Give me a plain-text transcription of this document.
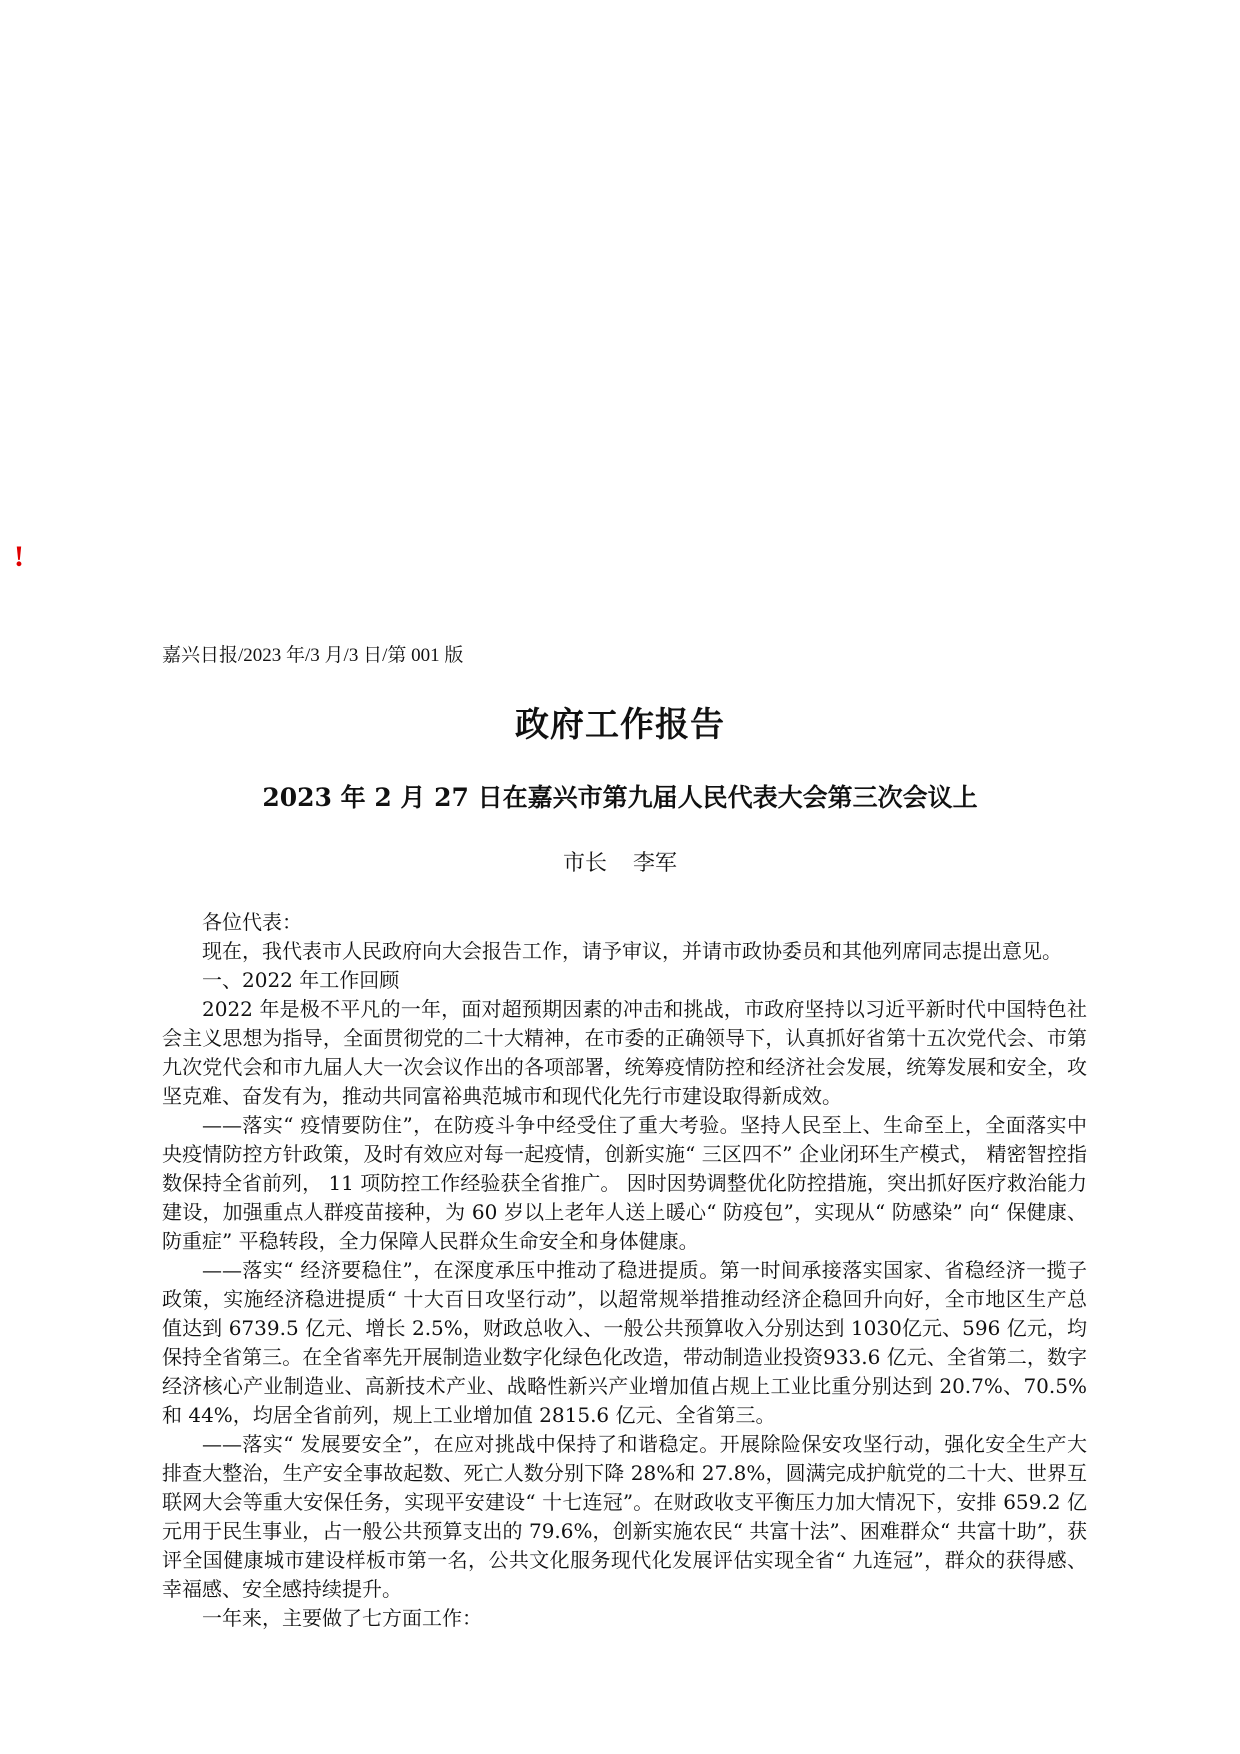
!
嘉兴日报/2023 年/3 月/3 日/第 001 版
政府工作报告
2023 年 2 月 27 日在嘉兴市第九届人民代表大会第三次会议上
市长 李军

各位代表：

现在，我代表市人民政府向大会报告工作，请予审议，并请市政协委员和其他列席同志提出意见。

一、2022 年工作回顾

2022 年是极不平凡的一年，面对超预期因素的冲击和挑战，市政府坚持以习近平新时代中国特色社会主义思想为指导，全面贯彻党的二十大精神，在市委的正确领导下，认真抓好省第十五次党代会、市第九次党代会和市九届人大一次会议作出的各项部署，统筹疫情防控和经济社会发展，统筹发展和安全，攻坚克难、奋发有为，推动共同富裕典范城市和现代化先行市建设取得新成效。

——落实“ 疫情要防住”，在防疫斗争中经受住了重大考验。坚持人民至上、生命至上，全面落实中央疫情防控方针政策，及时有效应对每一起疫情，创新实施“ 三区四不” 企业闭环生产模式， 精密智控指数保持全省前列， 11 项防控工作经验获全省推广。 因时因势调整优化防控措施，突出抓好医疗救治能力建设，加强重点人群疫苗接种，为 60 岁以上老年人送上暖心“ 防疫包”，实现从“ 防感染” 向“ 保健康、防重症” 平稳转段，全力保障人民群众生命安全和身体健康。

——落实“ 经济要稳住”，在深度承压中推动了稳进提质。第一时间承接落实国家、省稳经济一揽子政策，实施经济稳进提质“ 十大百日攻坚行动”，以超常规举措推动经济企稳回升向好，全市地区生产总值达到 6739.5 亿元、增长 2.5%，财政总收入、一般公共预算收入分别达到 1030亿元、596 亿元，均保持全省第三。在全省率先开展制造业数字化绿色化改造，带动制造业投资933.6 亿元、全省第二，数字经济核心产业制造业、高新技术产业、战略性新兴产业增加值占规上工业比重分别达到 20.7%、70.5%和 44%，均居全省前列，规上工业增加值 2815.6 亿元、全省第三。

——落实“ 发展要安全”，在应对挑战中保持了和谐稳定。开展除险保安攻坚行动，强化安全生产大排查大整治，生产安全事故起数、死亡人数分别下降 28%和 27.8%，圆满完成护航党的二十大、世界互联网大会等重大安保任务，实现平安建设“ 十七连冠”。在财政收支平衡压力加大情况下，安排 659.2 亿元用于民生事业，占一般公共预算支出的 79.6%，创新实施农民“ 共富十法”、困难群众“ 共富十助”，获评全国健康城市建设样板市第一名，公共文化服务现代化发展评估实现全省“ 九连冠”，群众的获得感、幸福感、安全感持续提升。

一年来，主要做了七方面工作：
